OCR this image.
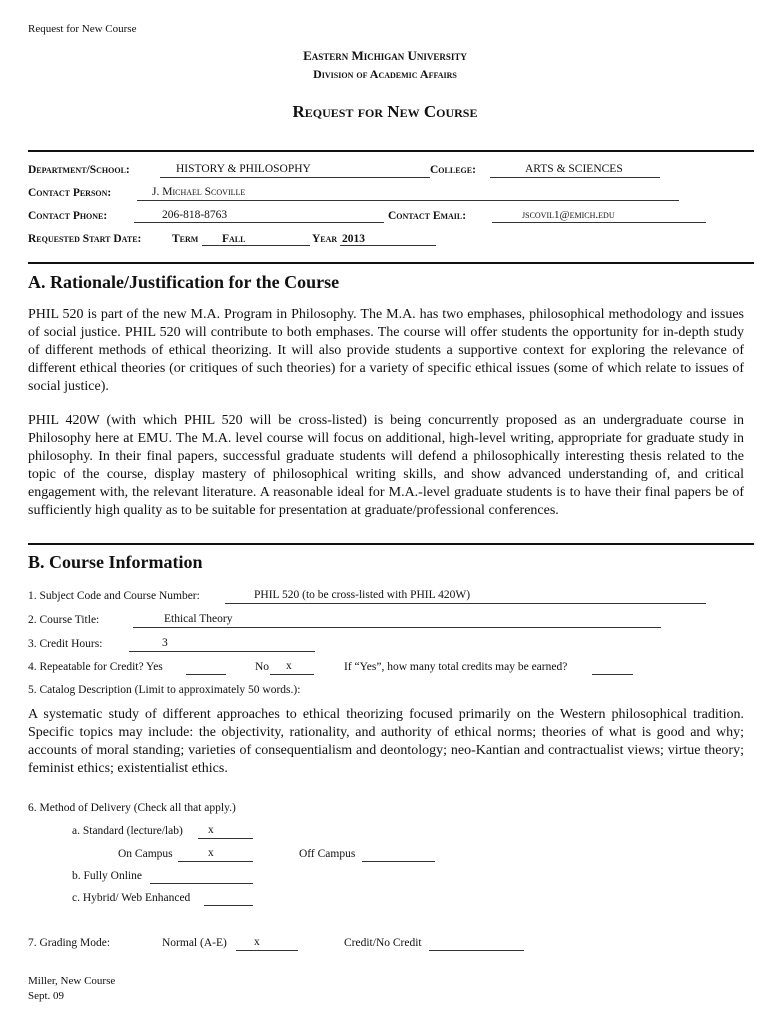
Request for New Course
Eastern Michigan University
Division of Academic Affairs
Request for New Course
Department/School:	HISTORY & PHILOSOPHY	College:	ARTS & SCIENCES
Contact Person:	J. Michael Scoville
Contact Phone:	206-818-8763	Contact Email:	jscovil1@emich.edu
Requested Start Date:	Term Fall	Year 2013
A. Rationale/Justification for the Course
PHIL 520 is part of the new M.A. Program in Philosophy. The M.A. has two emphases, philosophical methodology and issues of social justice. PHIL 520 will contribute to both emphases. The course will offer students the opportunity for in-depth study of different methods of ethical theorizing. It will also provide students a supportive context for exploring the relevance of different ethical theories (or critiques of such theories) for a variety of specific ethical issues (some of which relate to issues of social justice).
PHIL 420W (with which PHIL 520 will be cross-listed) is being concurrently proposed as an undergraduate course in Philosophy here at EMU. The M.A. level course will focus on additional, high-level writing, appropriate for graduate study in philosophy. In their final papers, successful graduate students will defend a philosophically interesting thesis related to the topic of the course, display mastery of philosophical writing skills, and show advanced understanding of, and critical engagement with, the relevant literature. A reasonable ideal for M.A.-level graduate students is to have their final papers be of sufficiently high quality as to be suitable for presentation at graduate/professional conferences.
B. Course Information
1. Subject Code and Course Number:	PHIL 520 (to be cross-listed with PHIL 420W)
2. Course Title:	Ethical Theory
3. Credit Hours:	3
4. Repeatable for Credit? Yes	No x	If “Yes”, how many total credits may be earned?
5. Catalog Description (Limit to approximately 50 words.):
A systematic study of different approaches to ethical theorizing focused primarily on the Western philosophical tradition. Specific topics may include: the objectivity, rationality, and authority of ethical norms; theories of what is good and why; accounts of moral standing; varieties of consequentialism and deontology; neo-Kantian and contractualist views; virtue theory; feminist ethics; existentialist ethics.
6. Method of Delivery (Check all that apply.)
a. Standard (lecture/lab) x
On Campus	x	Off Campus
b. Fully Online
c. Hybrid/ Web Enhanced
7. Grading Mode:	Normal (A-E) x	Credit/No Credit
Miller, New Course
Sept. 09
